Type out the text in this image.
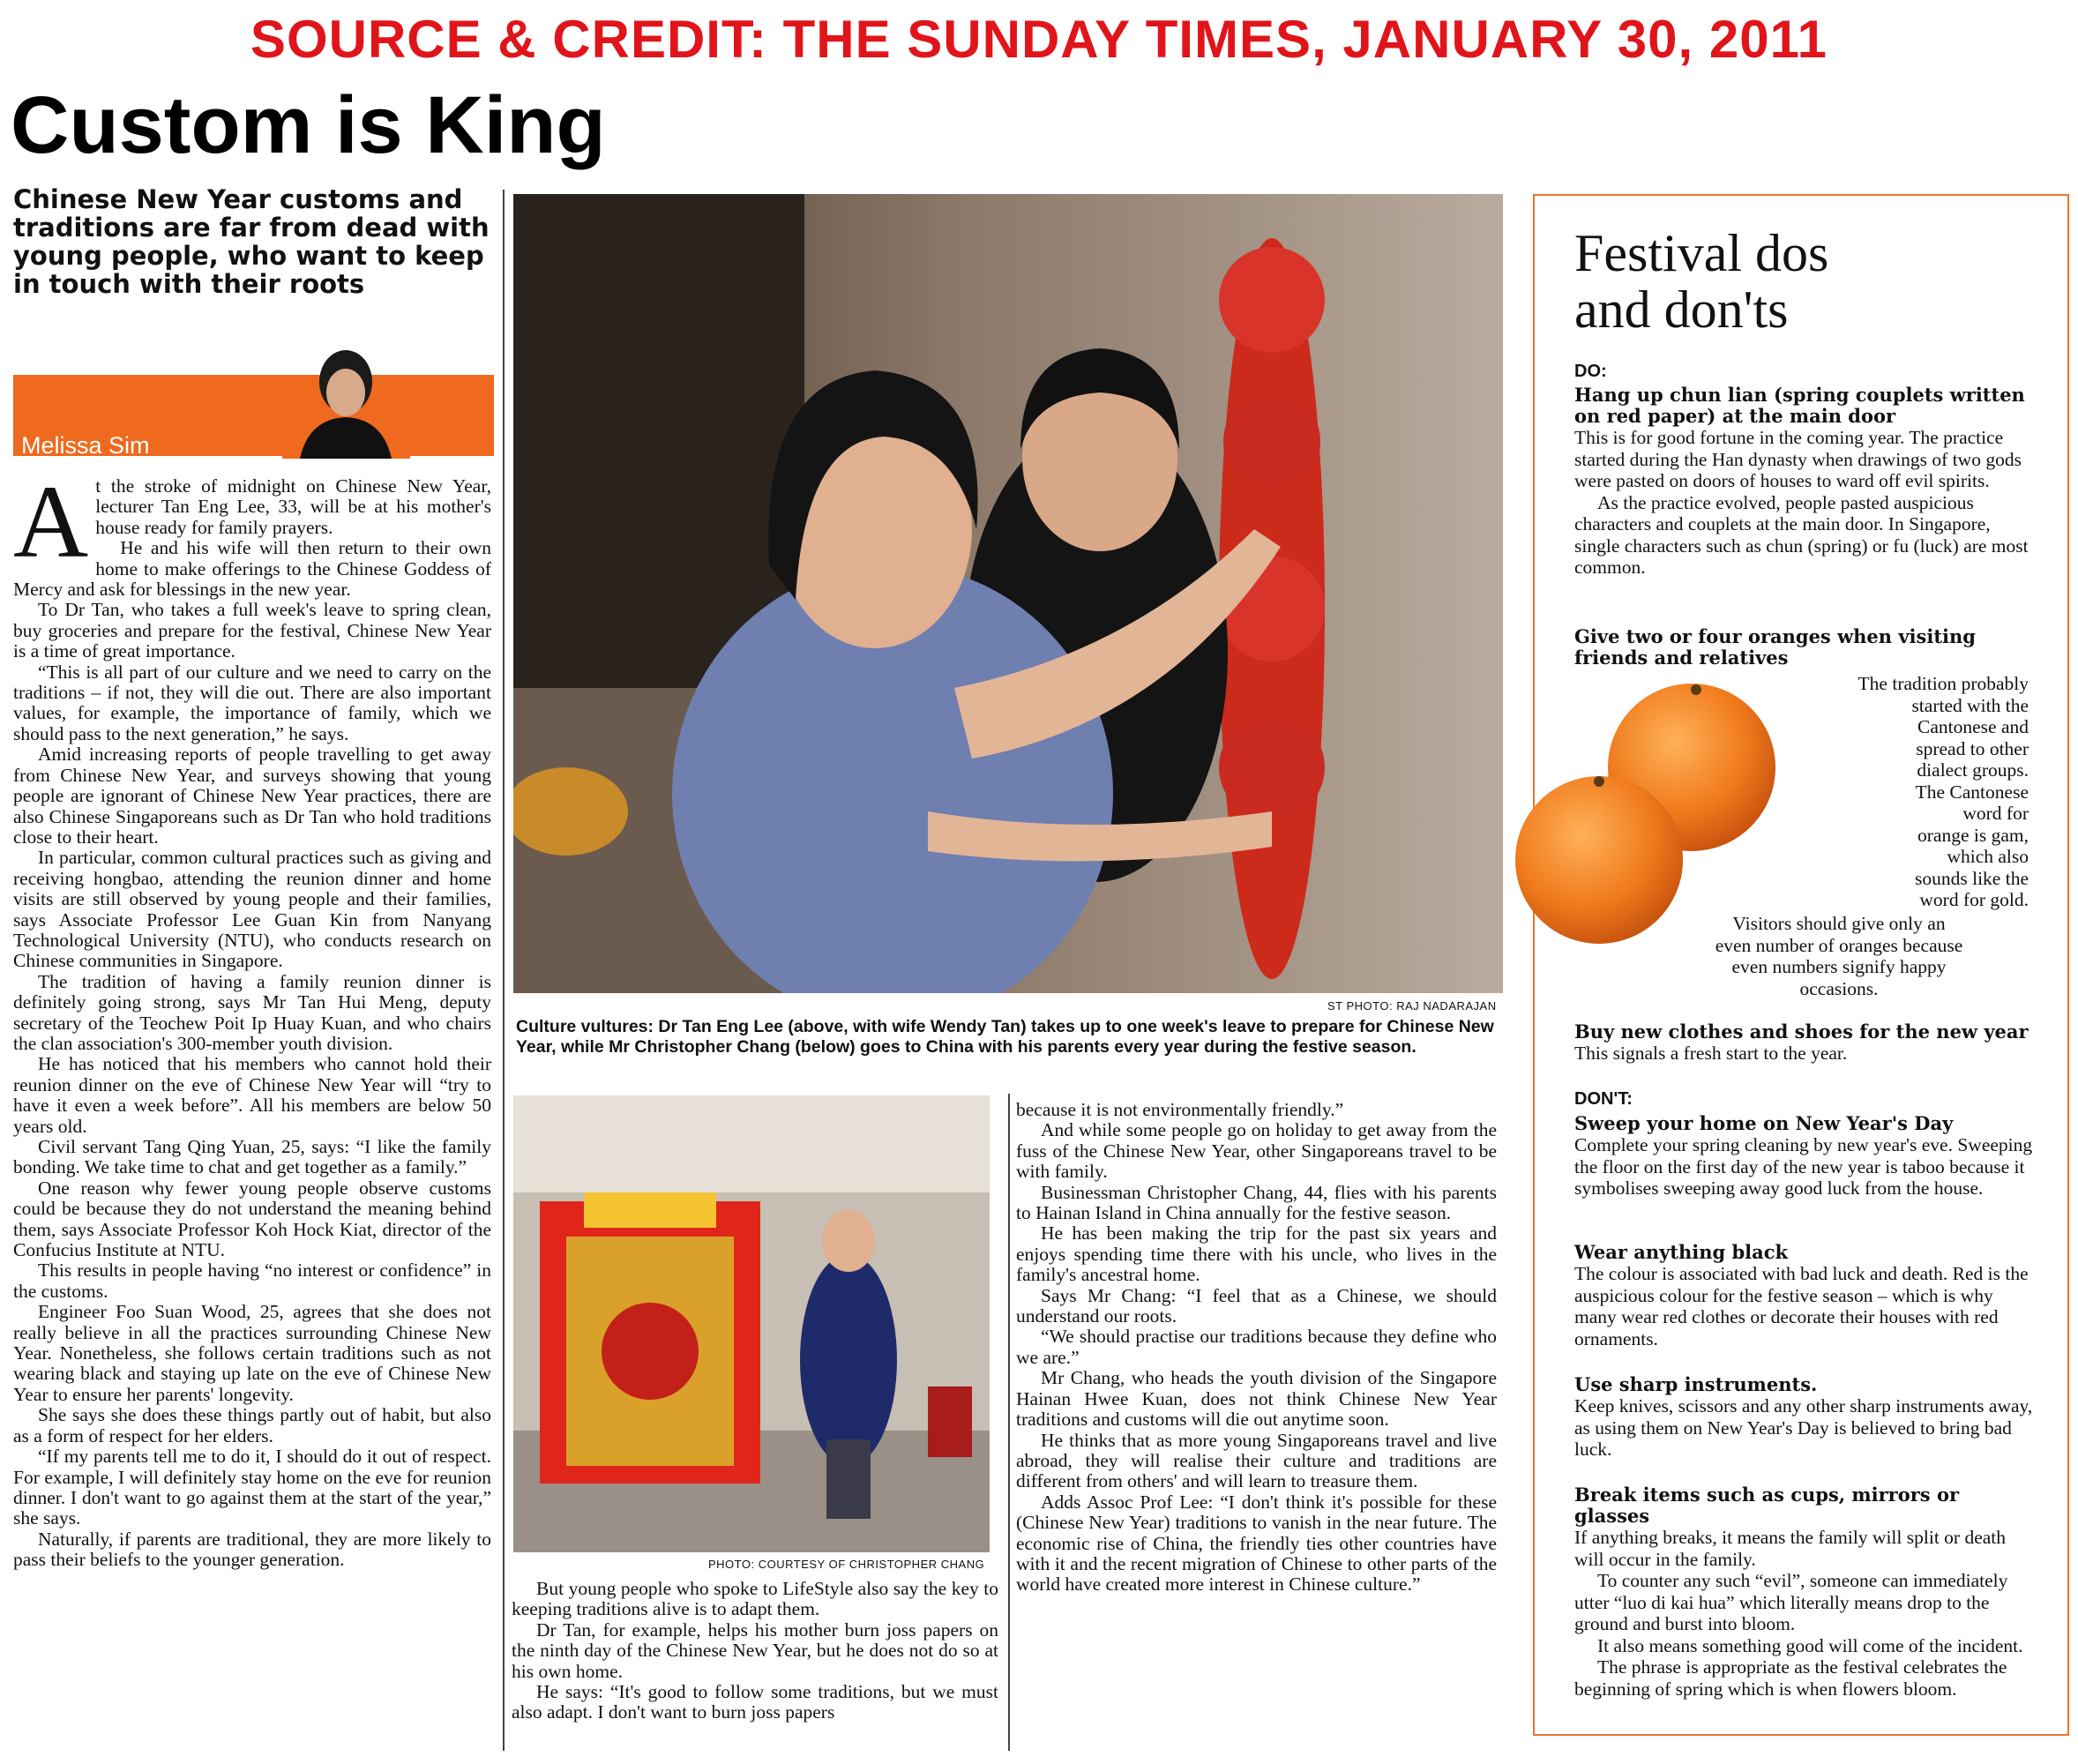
SOURCE & CREDIT: THE SUNDAY TIMES, JANUARY 30, 2011
Custom is King
Chinese New Year customs and traditions are far from dead with young people, who want to keep in touch with their roots
Melissa Sim

At the stroke of midnight on Chinese New Year, lecturer Tan Eng Lee, 33, will be at his mother's house ready for family prayers.

He and his wife will then return to their own home to make offerings to the Chinese Goddess of Mercy and ask for blessings in the new year.

To Dr Tan, who takes a full week's leave to spring clean, buy groceries and prepare for the festival, Chinese New Year is a time of great importance.

“This is all part of our culture and we need to carry on the traditions – if not, they will die out. There are also important values, for example, the importance of family, which we should pass to the next generation,” he says.

Amid increasing reports of people travelling to get away from Chinese New Year, and surveys showing that young people are ignorant of Chinese New Year practices, there are also Chinese Singaporeans such as Dr Tan who hold traditions close to their heart.

In particular, common cultural practices such as giving and receiving hongbao, attending the reunion dinner and home visits are still observed by young people and their families, says Associate Professor Lee Guan Kin from Nanyang Technological University (NTU), who conducts research on Chinese communities in Singapore.

The tradition of having a family reunion dinner is definitely going strong, says Mr Tan Hui Meng, deputy secretary of the Teochew Poit Ip Huay Kuan, and who chairs the clan association's 300-member youth division.

He has noticed that his members who cannot hold their reunion dinner on the eve of Chinese New Year will “try to have it even a week before”. All his members are below 50 years old.

Civil servant Tang Qing Yuan, 25, says: “I like the family bonding. We take time to chat and get together as a family.”

One reason why fewer young people observe customs could be because they do not understand the meaning behind them, says Associate Professor Koh Hock Kiat, director of the Confucius Institute at NTU.

This results in people having “no interest or confidence” in the customs.

Engineer Foo Suan Wood, 25, agrees that she does not really believe in all the practices surrounding Chinese New Year. Nonetheless, she follows certain traditions such as not wearing black and staying up late on the eve of Chinese New Year to ensure her parents' longevity.

She says she does these things partly out of habit, but also as a form of respect for her elders.

“If my parents tell me to do it, I should do it out of respect. For example, I will definitely stay home on the eve for reunion dinner. I don't want to go against them at the start of the year,” she says.

Naturally, if parents are traditional, they are more likely to pass their beliefs to the younger generation.

ST PHOTO: RAJ NADARAJAN
Culture vultures: Dr Tan Eng Lee (above, with wife Wendy Tan) takes up to one week's leave to prepare for Chinese New Year, while Mr Christopher Chang (below) goes to China with his parents every year during the festive season.
PHOTO: COURTESY OF CHRISTOPHER CHANG

But young people who spoke to LifeStyle also say the key to keeping traditions alive is to adapt them.

Dr Tan, for example, helps his mother burn joss papers on the ninth day of the Chinese New Year, but he does not do so at his own home.

He says: “It's good to follow some traditions, but we must also adapt. I don't want to burn joss papers

because it is not environmentally friendly.”

And while some people go on holiday to get away from the fuss of the Chinese New Year, other Singaporeans travel to be with family.

Businessman Christopher Chang, 44, flies with his parents to Hainan Island in China annually for the festive season.

He has been making the trip for the past six years and enjoys spending time there with his uncle, who lives in the family's ancestral home.

Says Mr Chang: “I feel that as a Chinese, we should understand our roots.

“We should practise our traditions because they define who we are.”

Mr Chang, who heads the youth division of the Singapore Hainan Hwee Kuan, does not think Chinese New Year traditions and customs will die out anytime soon.

He thinks that as more young Singaporeans travel and live abroad, they will realise their culture and traditions are different from others' and will learn to treasure them.

Adds Assoc Prof Lee: “I don't think it's possible for these (Chinese New Year) traditions to vanish in the near future. The economic rise of China, the friendly ties other countries have with it and the recent migration of Chinese to other parts of the world have created more interest in Chinese culture.”

Festival dos
and don'ts
DO:
Hang up chun lian (spring couplets written on red paper) at the main door

This is for good fortune in the coming year. The practice started during the Han dynasty when drawings of two gods were pasted on doors of houses to ward off evil spirits.

As the practice evolved, people pasted auspicious characters and couplets at the main door. In Singapore, single characters such as chun (spring) or fu (luck) are most common.

Give two or four oranges when visiting friends and relatives
The tradition probably
started with the
Cantonese and
spread to other
dialect groups.
The Cantonese
word for
orange is gam,
which also
sounds like the
word for gold.
Visitors should give only an
even number of oranges because
even numbers signify happy
occasions.
Buy new clothes and shoes for the new year

This signals a fresh start to the year.

DON'T:
Sweep your home on New Year's Day

Complete your spring cleaning by new year's eve. Sweeping the floor on the first day of the new year is taboo because it symbolises sweeping away good luck from the house.

Wear anything black

The colour is associated with bad luck and death. Red is the auspicious colour for the festive season – which is why many wear red clothes or decorate their houses with red ornaments.

Use sharp instruments.

Keep knives, scissors and any other sharp instruments away, as using them on New Year's Day is believed to bring bad luck.

Break items such as cups, mirrors or glasses

If anything breaks, it means the family will split or death will occur in the family.

To counter any such “evil”, someone can immediately utter “luo di kai hua” which literally means drop to the ground and burst into bloom.

It also means something good will come of the incident.

The phrase is appropriate as the festival celebrates the beginning of spring which is when flowers bloom.
